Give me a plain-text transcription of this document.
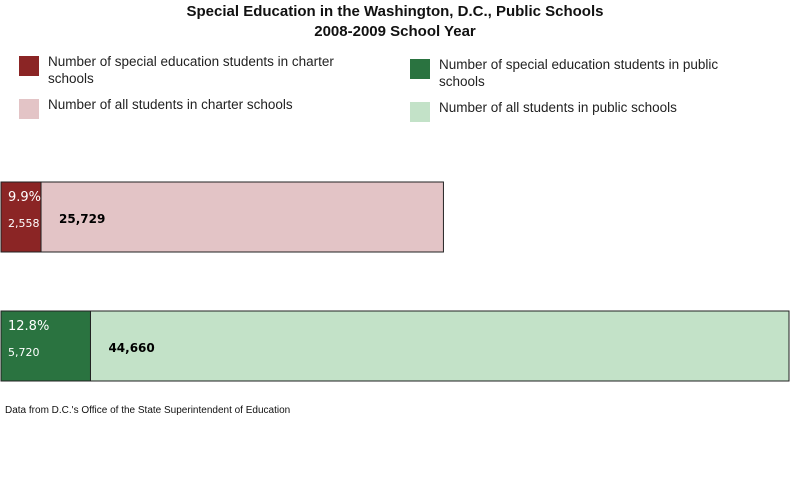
Special Education in the Washington, D.C., Public Schools
2008-2009 School Year
Number of special education students in charter schools
Number of all students in charter schools
Number of special education students in public schools
Number of all students in public schools
9.9%
2,558 25,729
12.8%
5,720	44,660
Data from D.C.'s Office of the State Superintendent of Education
